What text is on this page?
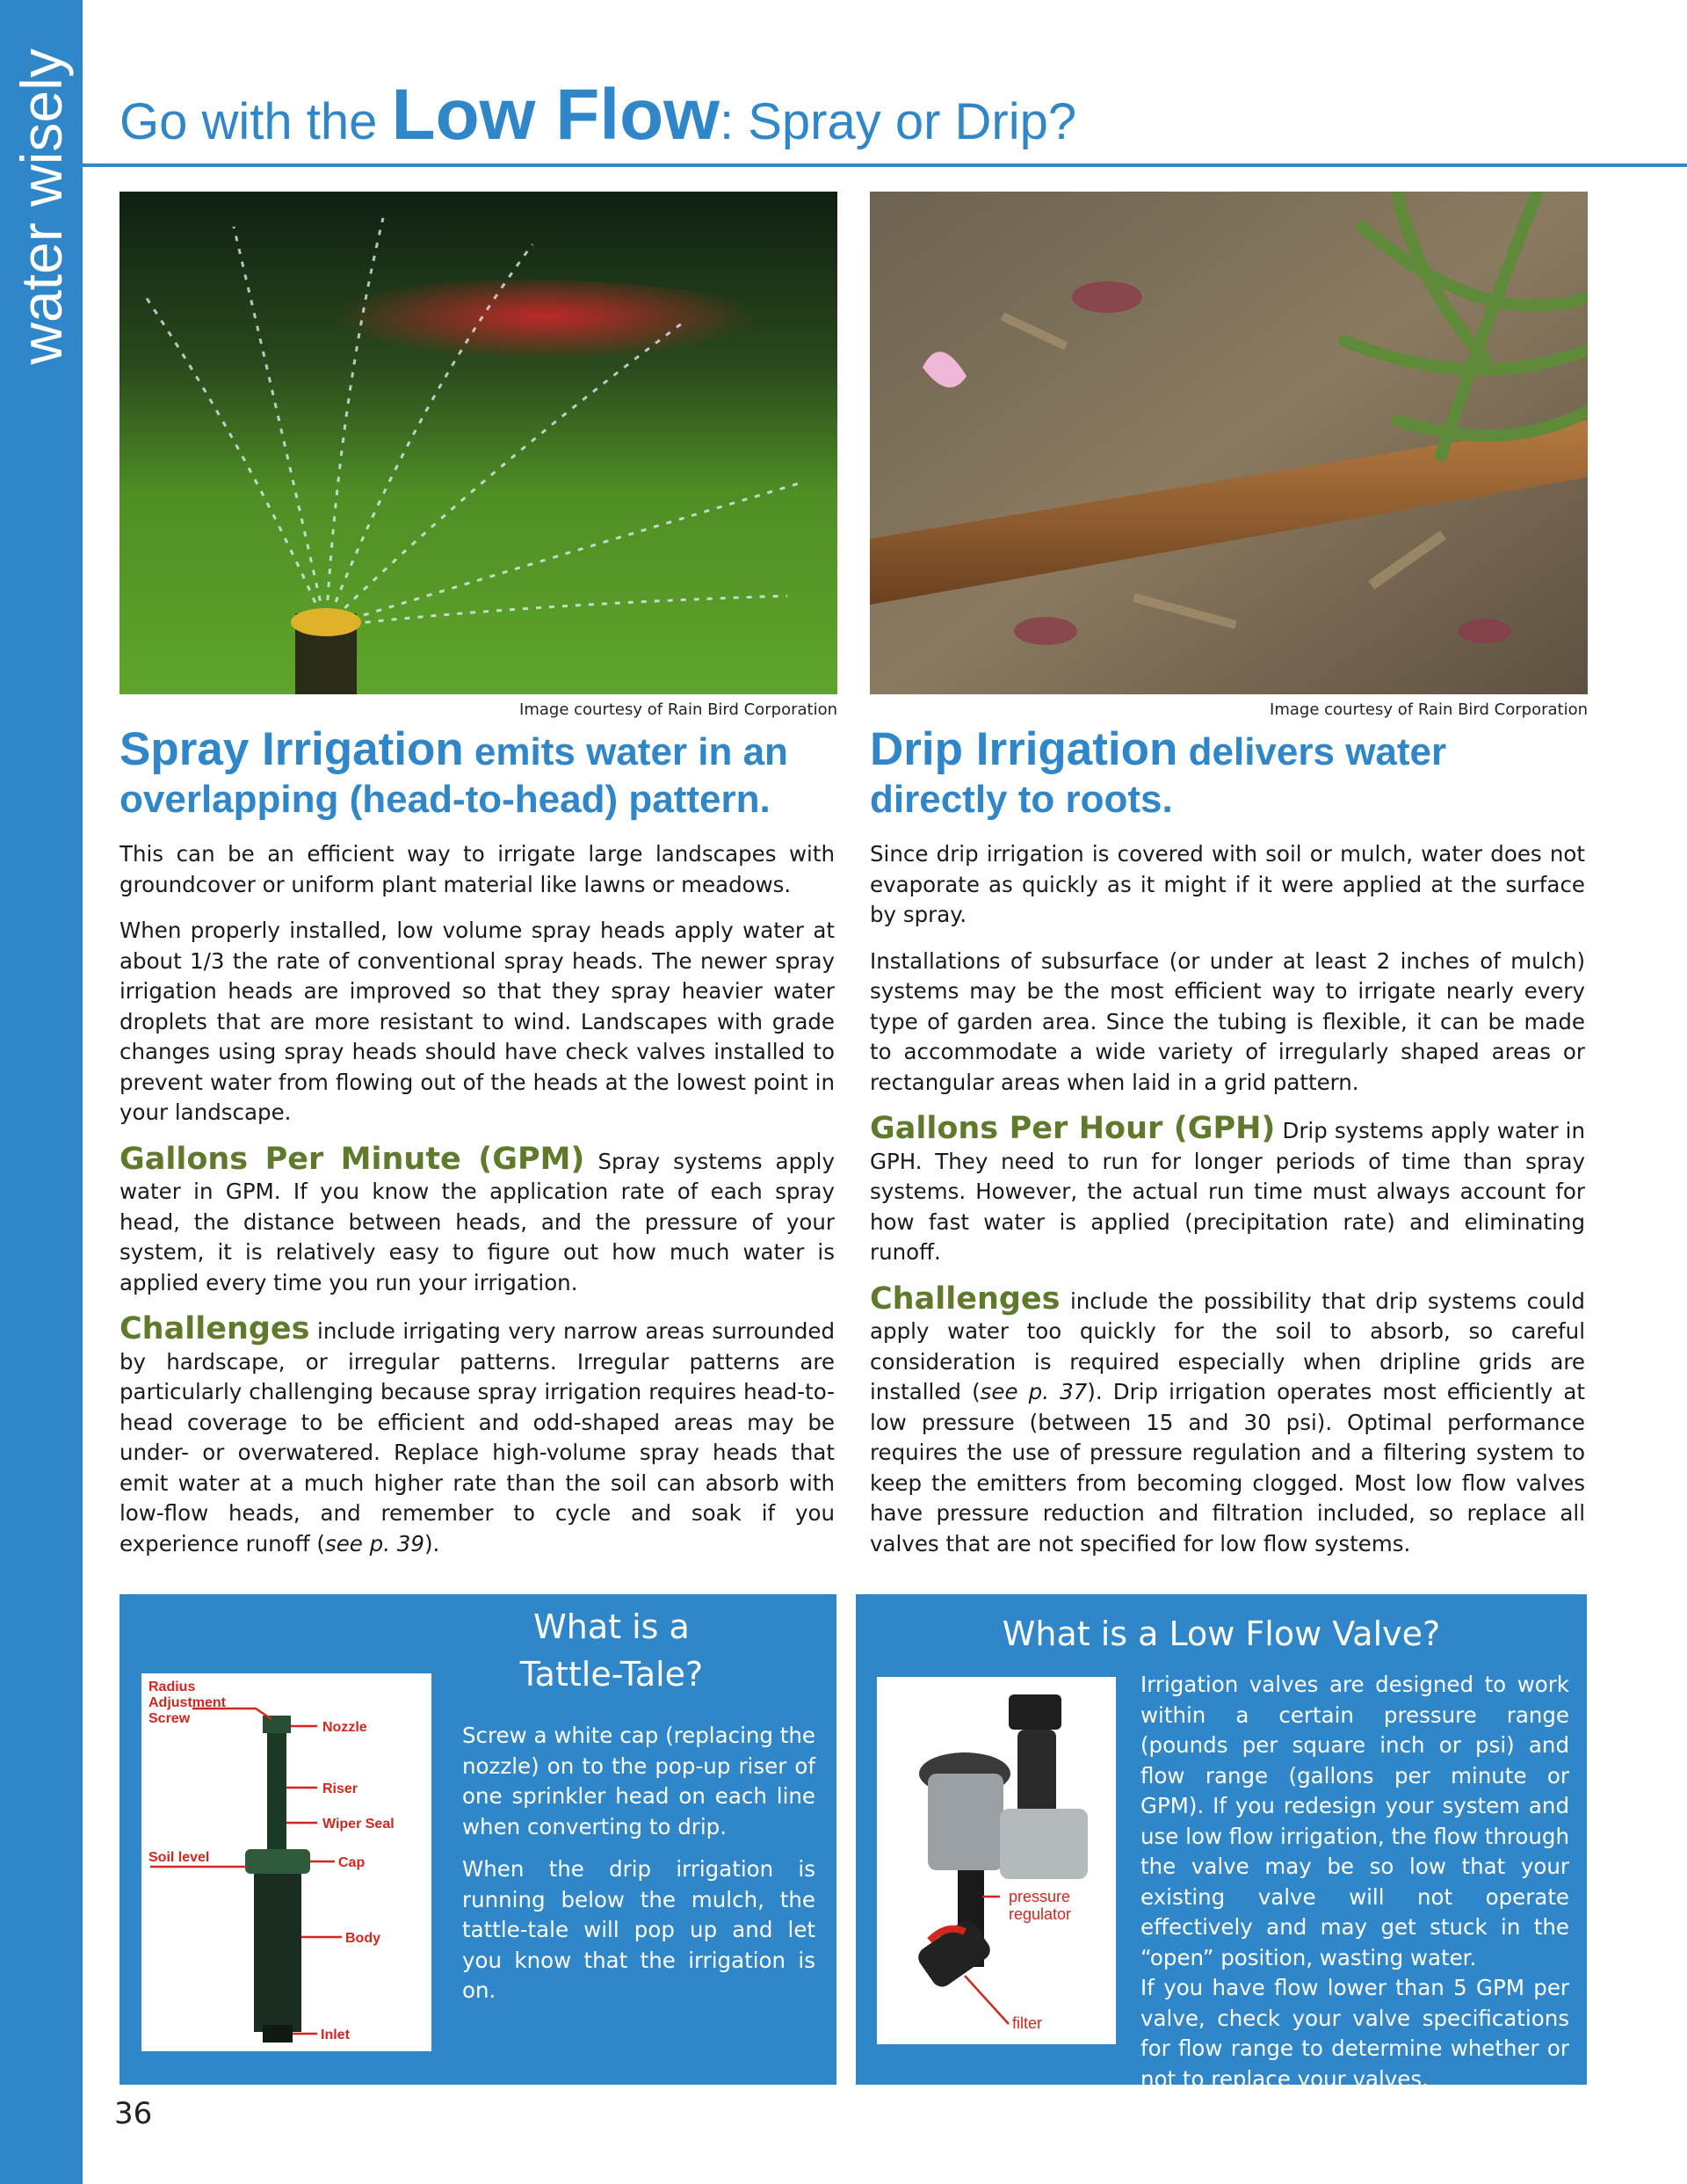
water wisely Go with the Low Flow: Spray or Drip?
Image courtesy of Rain Bird Corporation	Image courtesy of Rain Bird Corporation
Spray Irrigation emits water in an overlapping (head-to-head) pattern.

This can be an efficient way to irrigate large landscapes with groundcover or uniform plant material like lawns or meadows.

When properly installed, low volume spray heads apply water at about 1/3 the rate of conventional spray heads. The newer spray irrigation heads are improved so that they spray heavier water droplets that are more resistant to wind. Landscapes with grade changes using spray heads should have check valves installed to prevent water from flowing out of the heads at the lowest point in your landscape.

Gallons Per Minute (GPM) Spray systems apply water in GPM. If you know the application rate of each spray head, the distance between heads, and the pressure of your system, it is relatively easy to figure out how much water is applied every time you run your irrigation.

Challenges include irrigating very narrow areas surrounded by hardscape, or irregular patterns. Irregular patterns are particularly challenging because spray irrigation requires head-to-head coverage to be efficient and odd-shaped areas may be under- or overwatered. Replace high-volume spray heads that emit water at a much higher rate than the soil can absorb with low-flow heads, and remember to cycle and soak if you experience runoff (see p. 39).

Drip Irrigation delivers water directly to roots.

Since drip irrigation is covered with soil or mulch, water does not evaporate as quickly as it might if it were applied at the surface by spray.

Installations of subsurface (or under at least 2 inches of mulch) systems may be the most efficient way to irrigate nearly every type of garden area. Since the tubing is flexible, it can be made to accommodate a wide variety of irregularly shaped areas or rectangular areas when laid in a grid pattern.

Gallons Per Hour (GPH) Drip systems apply water in GPH. They need to run for longer periods of time than spray systems. However, the actual run time must always account for how fast water is applied (precipitation rate) and eliminating runoff.

Challenges include the possibility that drip systems could apply water too quickly for the soil to absorb, so careful consideration is required especially when dripline grids are installed (see p. 37). Drip irrigation operates most efficiently at low pressure (between 15 and 30 psi). Optimal performance requires the use of pressure regulation and a filtering system to keep the emitters from becoming clogged. Most low flow valves have pressure reduction and filtration included, so replace all valves that are not specified for low flow systems.

What is a
Tattle-Tale?

Screw a white cap (replacing the nozzle) on to the pop-up riser of one sprinkler head on each line when converting to drip.

When the drip irrigation is running below the mulch, the tattle-tale will pop up and let you know that the irrigation is on.

Radius
Adjustment
Screw
Nozzle
Riser
Wiper Seal
Soil level	Cap
Body
Inlet
What is a Low Flow Valve?

Irrigation valves are designed to work within a certain pressure range (pounds per square inch or psi) and flow range (gallons per minute or GPM). If you redesign your system and use low flow irrigation, the flow through the valve may be so low that your existing valve will not operate effectively and may get stuck in the “open” position, wasting water.

If you have flow lower than 5 GPM per valve, check your valve specifications for flow range to determine whether or not to replace your valves.

pressure
regulator
filter
36
